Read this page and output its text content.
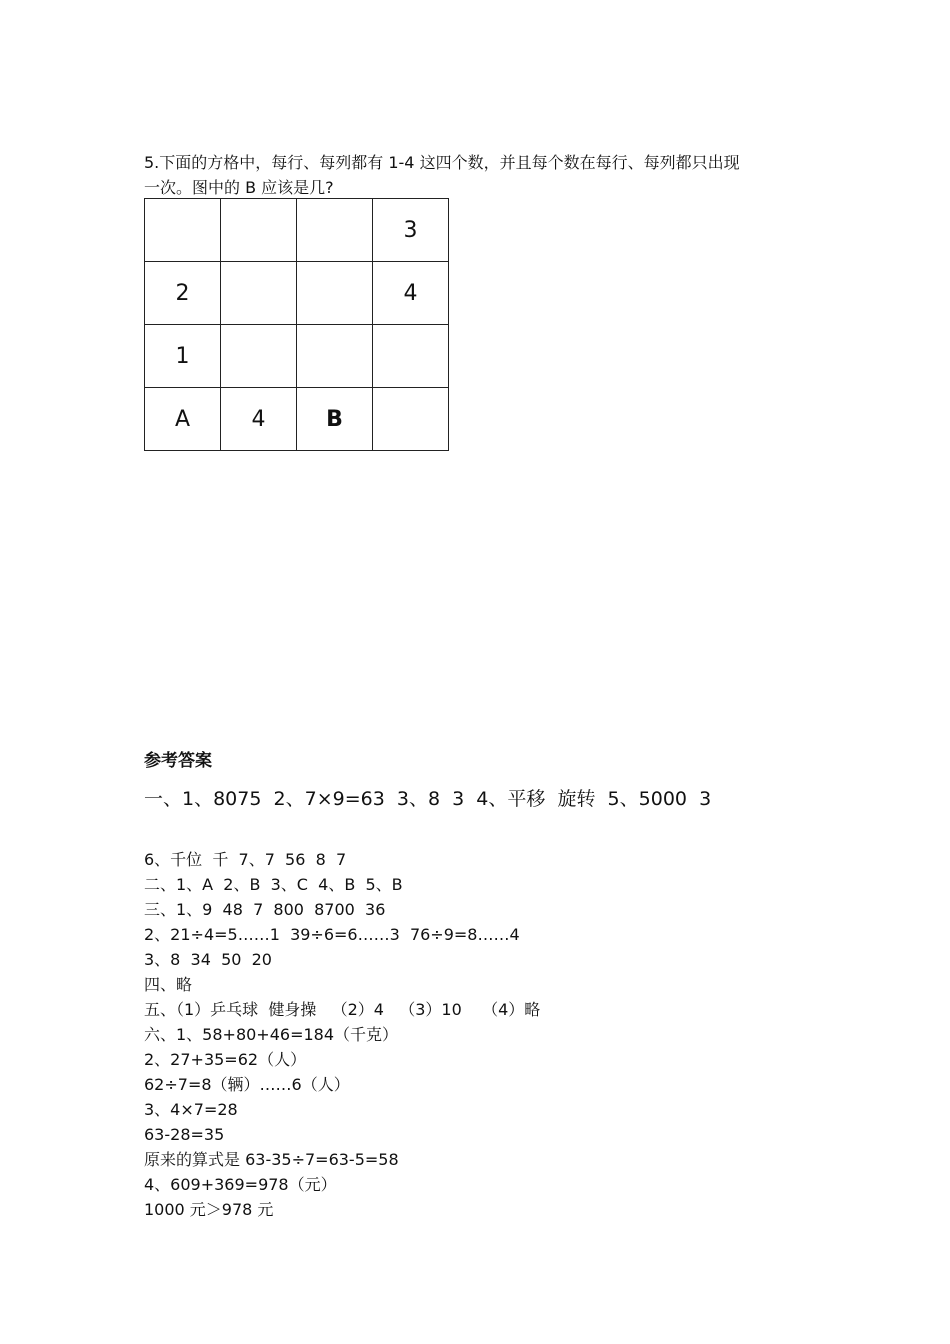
5.下面的方格中，每行、每列都有 1-4 这四个数，并且每个数在每行、每列都只出现
一次。图中的 B 应该是几?

			3
2			4
1			
A	4	B	

参考答案

一、1、8075  2、7×9=63  3、8  3  4、平移  旋转  5、5000  3

6、千位  千  7、7  56  8  7
二、1、A  2、B  3、C  4、B  5、B
三、1、9  48  7  800  8700  36
2、21÷4=5……1  39÷6=6……3  76÷9=8……4
3、8  34  50  20
四、略
五、（1）乒乓球  健身操   （2）4   （3）10    （4）略
六、1、58+80+46=184（千克）
2、27+35=62（人）
62÷7=8（辆）……6（人）
3、4×7=28
63-28=35
原来的算式是 63-35÷7=63-5=58
4、609+369=978（元）
1000 元＞978 元
